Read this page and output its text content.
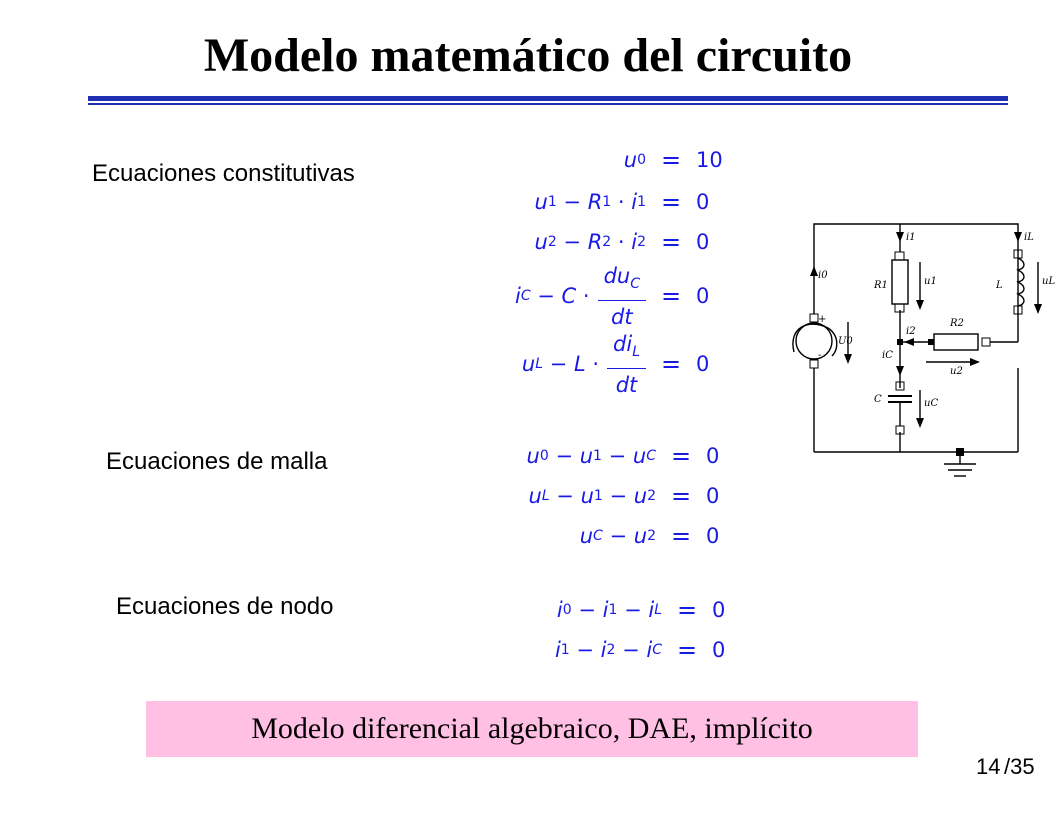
Modelo matemático del circuito
Ecuaciones constitutivas
Ecuaciones de malla
Ecuaciones de nodo
u 0 = 10
u 1 − R 1 · i 1 = 0
u 2 − R 2 · i 2 = 0
i $C - C \cdot \frac{du_C}{dt} = 0$
u $L - L \cdot \frac{di_L}{dt} = 0$
u 0 − u 1 − u C = 0
u L − u 1 − u 2 = 0
u C − u 2 = 0
i 0 − i 1 − i L = 0
i 1 − i 2 − i C = 0
i0
U0
+
-
i1
R1	u1
iL
L	uL
i2
R2
u2
iC
C	uC
Modelo diferencial algebraico, DAE, implícito
14 /35
